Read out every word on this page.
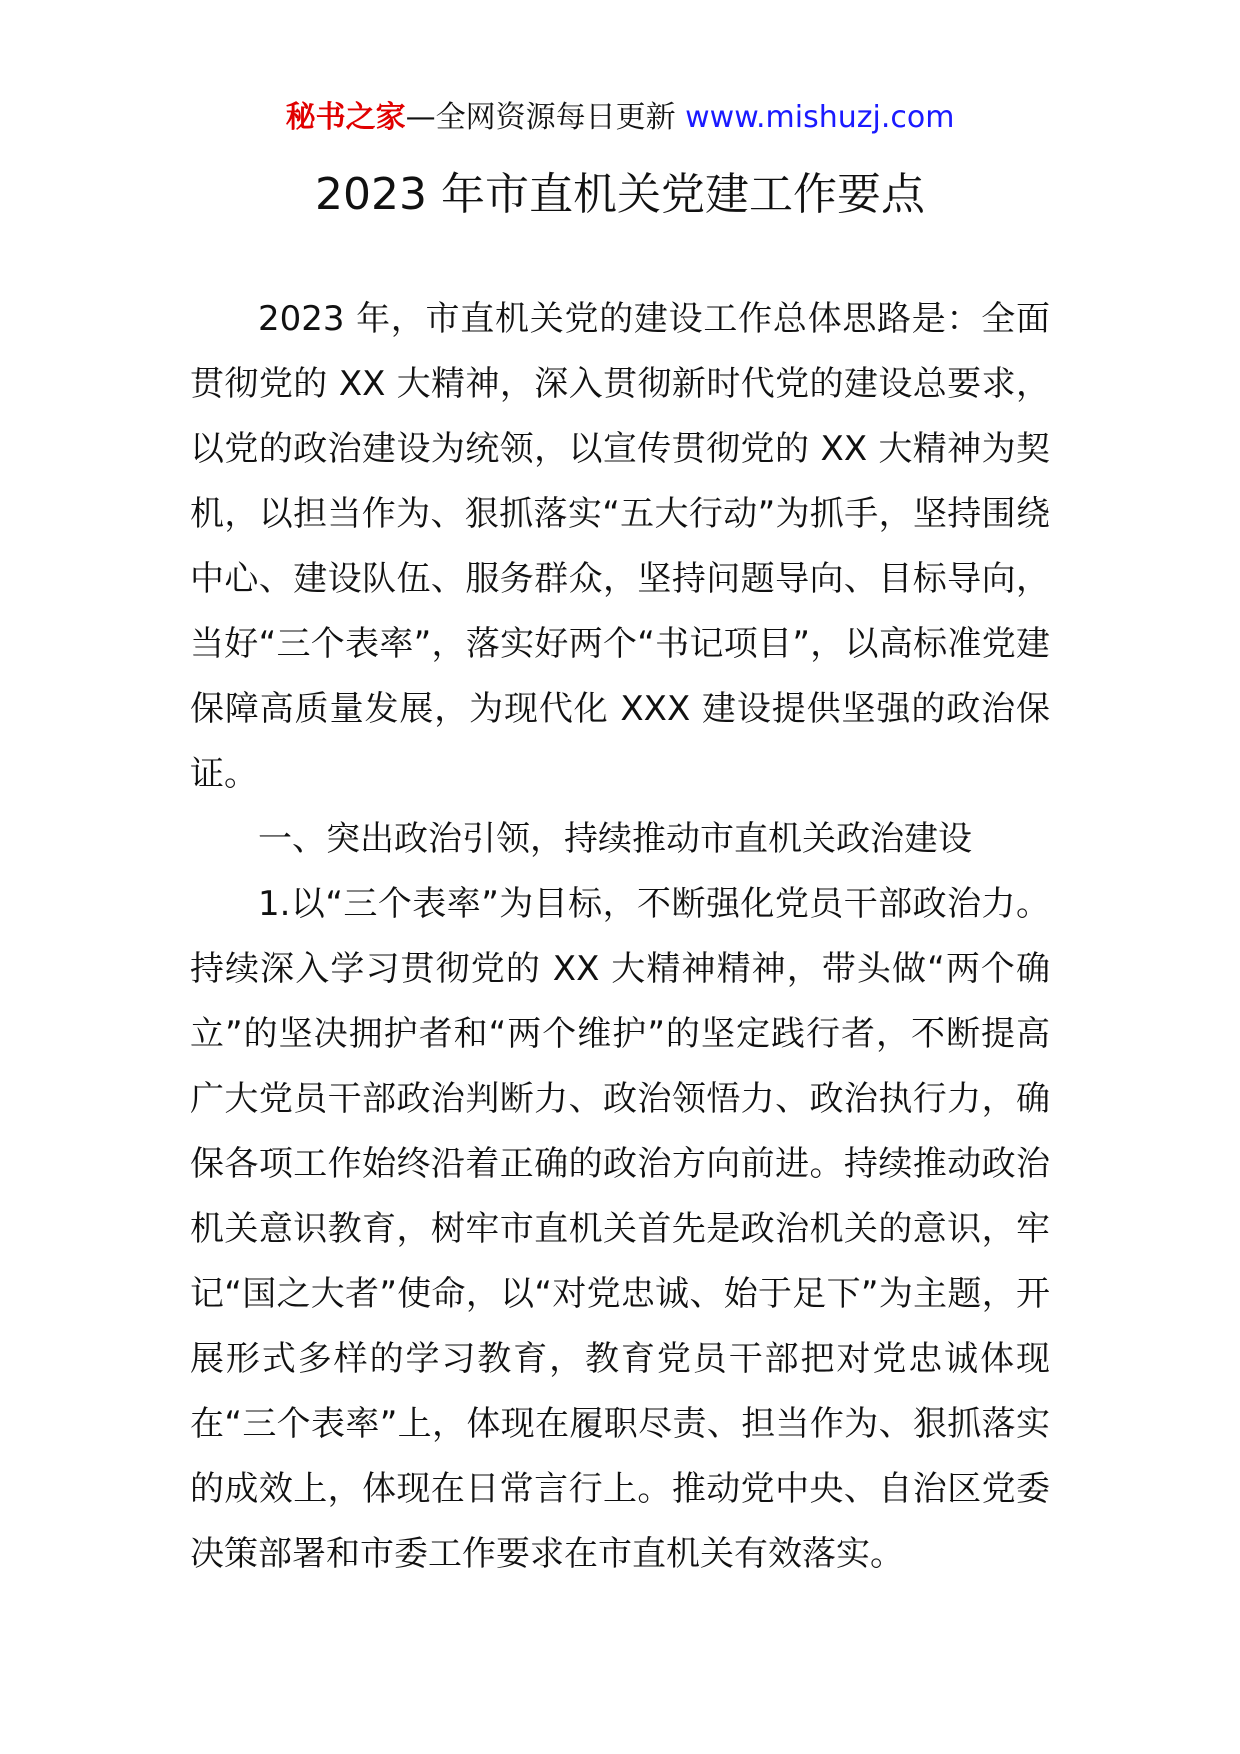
秘书之家—全网资源每日更新 www.mishuzj.com
2023 年市直机关党建工作要点

2023 年，市直机关党的建设工作总体思路是：全面贯彻党的 XX 大精神，深入贯彻新时代党的建设总要求，以党的政治建设为统领，以宣传贯彻党的 XX 大精神为契机，以担当作为、狠抓落实“五大行动”为抓手，坚持围绕中心、建设队伍、服务群众，坚持问题导向、目标导向，当好“三个表率”，落实好两个“书记项目”，以高标准党建保障高质量发展，为现代化 XXX 建设提供坚强的政治保证。

一、突出政治引领，持续推动市直机关政治建设

1.以“三个表率”为目标，不断强化党员干部政治力。持续深入学习贯彻党的 XX 大精神精神，带头做“两个确立”的坚决拥护者和“两个维护”的坚定践行者，不断提高广大党员干部政治判断力、政治领悟力、政治执行力，确保各项工作始终沿着正确的政治方向前进。持续推动政治机关意识教育，树牢市直机关首先是政治机关的意识，牢记“国之大者”使命，以“对党忠诚、始于足下”为主题，开展形式多样的学习教育，教育党员干部把对党忠诚体现在“三个表率”上，体现在履职尽责、担当作为、狠抓落实的成效上，体现在日常言行上。推动党中央、自治区党委决策部署和市委工作要求在市直机关有效落实。
